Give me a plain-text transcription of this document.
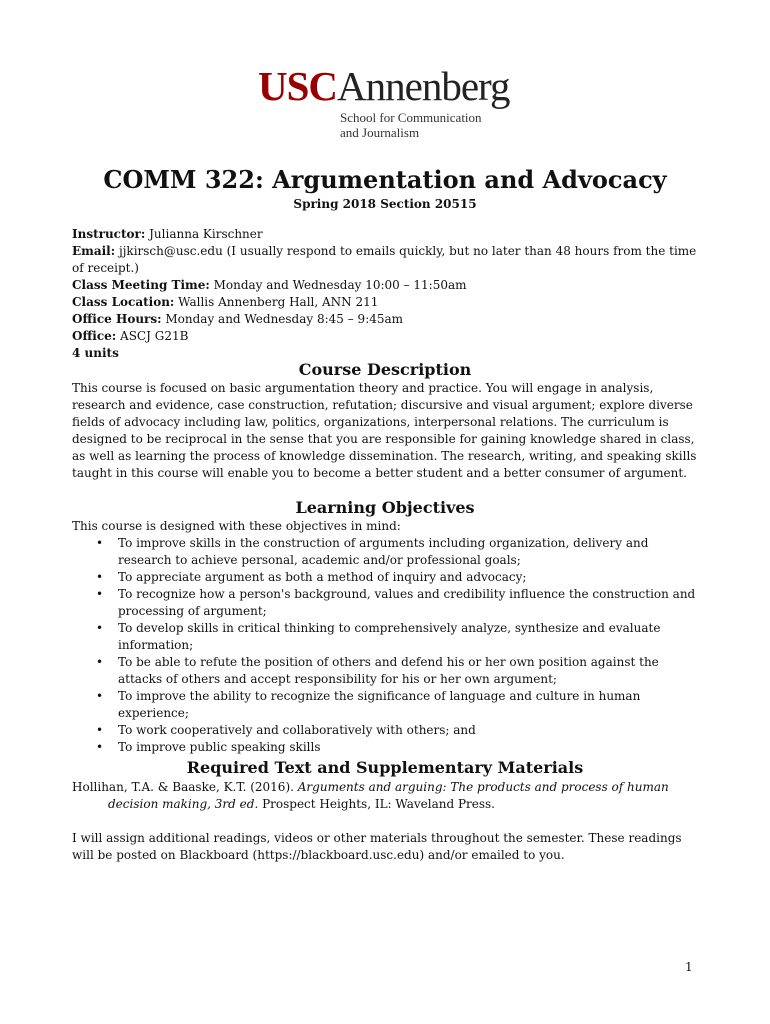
USCAnnenberg
School for Communication
and Journalism
COMM 322: Argumentation and Advocacy
Spring 2018 Section 20515

Instructor: Julianna Kirschner

Email: jjkirsch@usc.edu (I usually respond to emails quickly, but no later than 48 hours from the time of receipt.)

Class Meeting Time: Monday and Wednesday 10:00 – 11:50am

Class Location: Wallis Annenberg Hall, ANN 211

Office Hours: Monday and Wednesday 8:45 – 9:45am

Office: ASCJ G21B

4 units

Course Description

This course is focused on basic argumentation theory and practice. You will engage in analysis, research and evidence, case construction, refutation; discursive and visual argument; explore diverse fields of advocacy including law, politics, organizations, interpersonal relations. The curriculum is designed to be reciprocal in the sense that you are responsible for gaining knowledge shared in class, as well as learning the process of knowledge dissemination. The research, writing, and speaking skills taught in this course will enable you to become a better student and a better consumer of argument.

Learning Objectives

This course is designed with these objectives in mind:

• To improve skills in the construction of arguments including organization, delivery and research to achieve personal, academic and/or professional goals;
• To appreciate argument as both a method of inquiry and advocacy;
• To recognize how a person's background, values and credibility influence the construction and processing of argument;
• To develop skills in critical thinking to comprehensively analyze, synthesize and evaluate information;
• To be able to refute the position of others and defend his or her own position against the attacks of others and accept responsibility for his or her own argument;
• To improve the ability to recognize the significance of language and culture in human experience;
• To work cooperatively and collaboratively with others; and
• To improve public speaking skills
Required Text and Supplementary Materials

Hollihan, T.A. & Baaske, K.T. (2016). Arguments and arguing: The products and process of human decision making, 3rd ed. Prospect Heights, IL: Waveland Press.

I will assign additional readings, videos or other materials throughout the semester. These readings will be posted on Blackboard (https://blackboard.usc.edu) and/or emailed to you.

1
